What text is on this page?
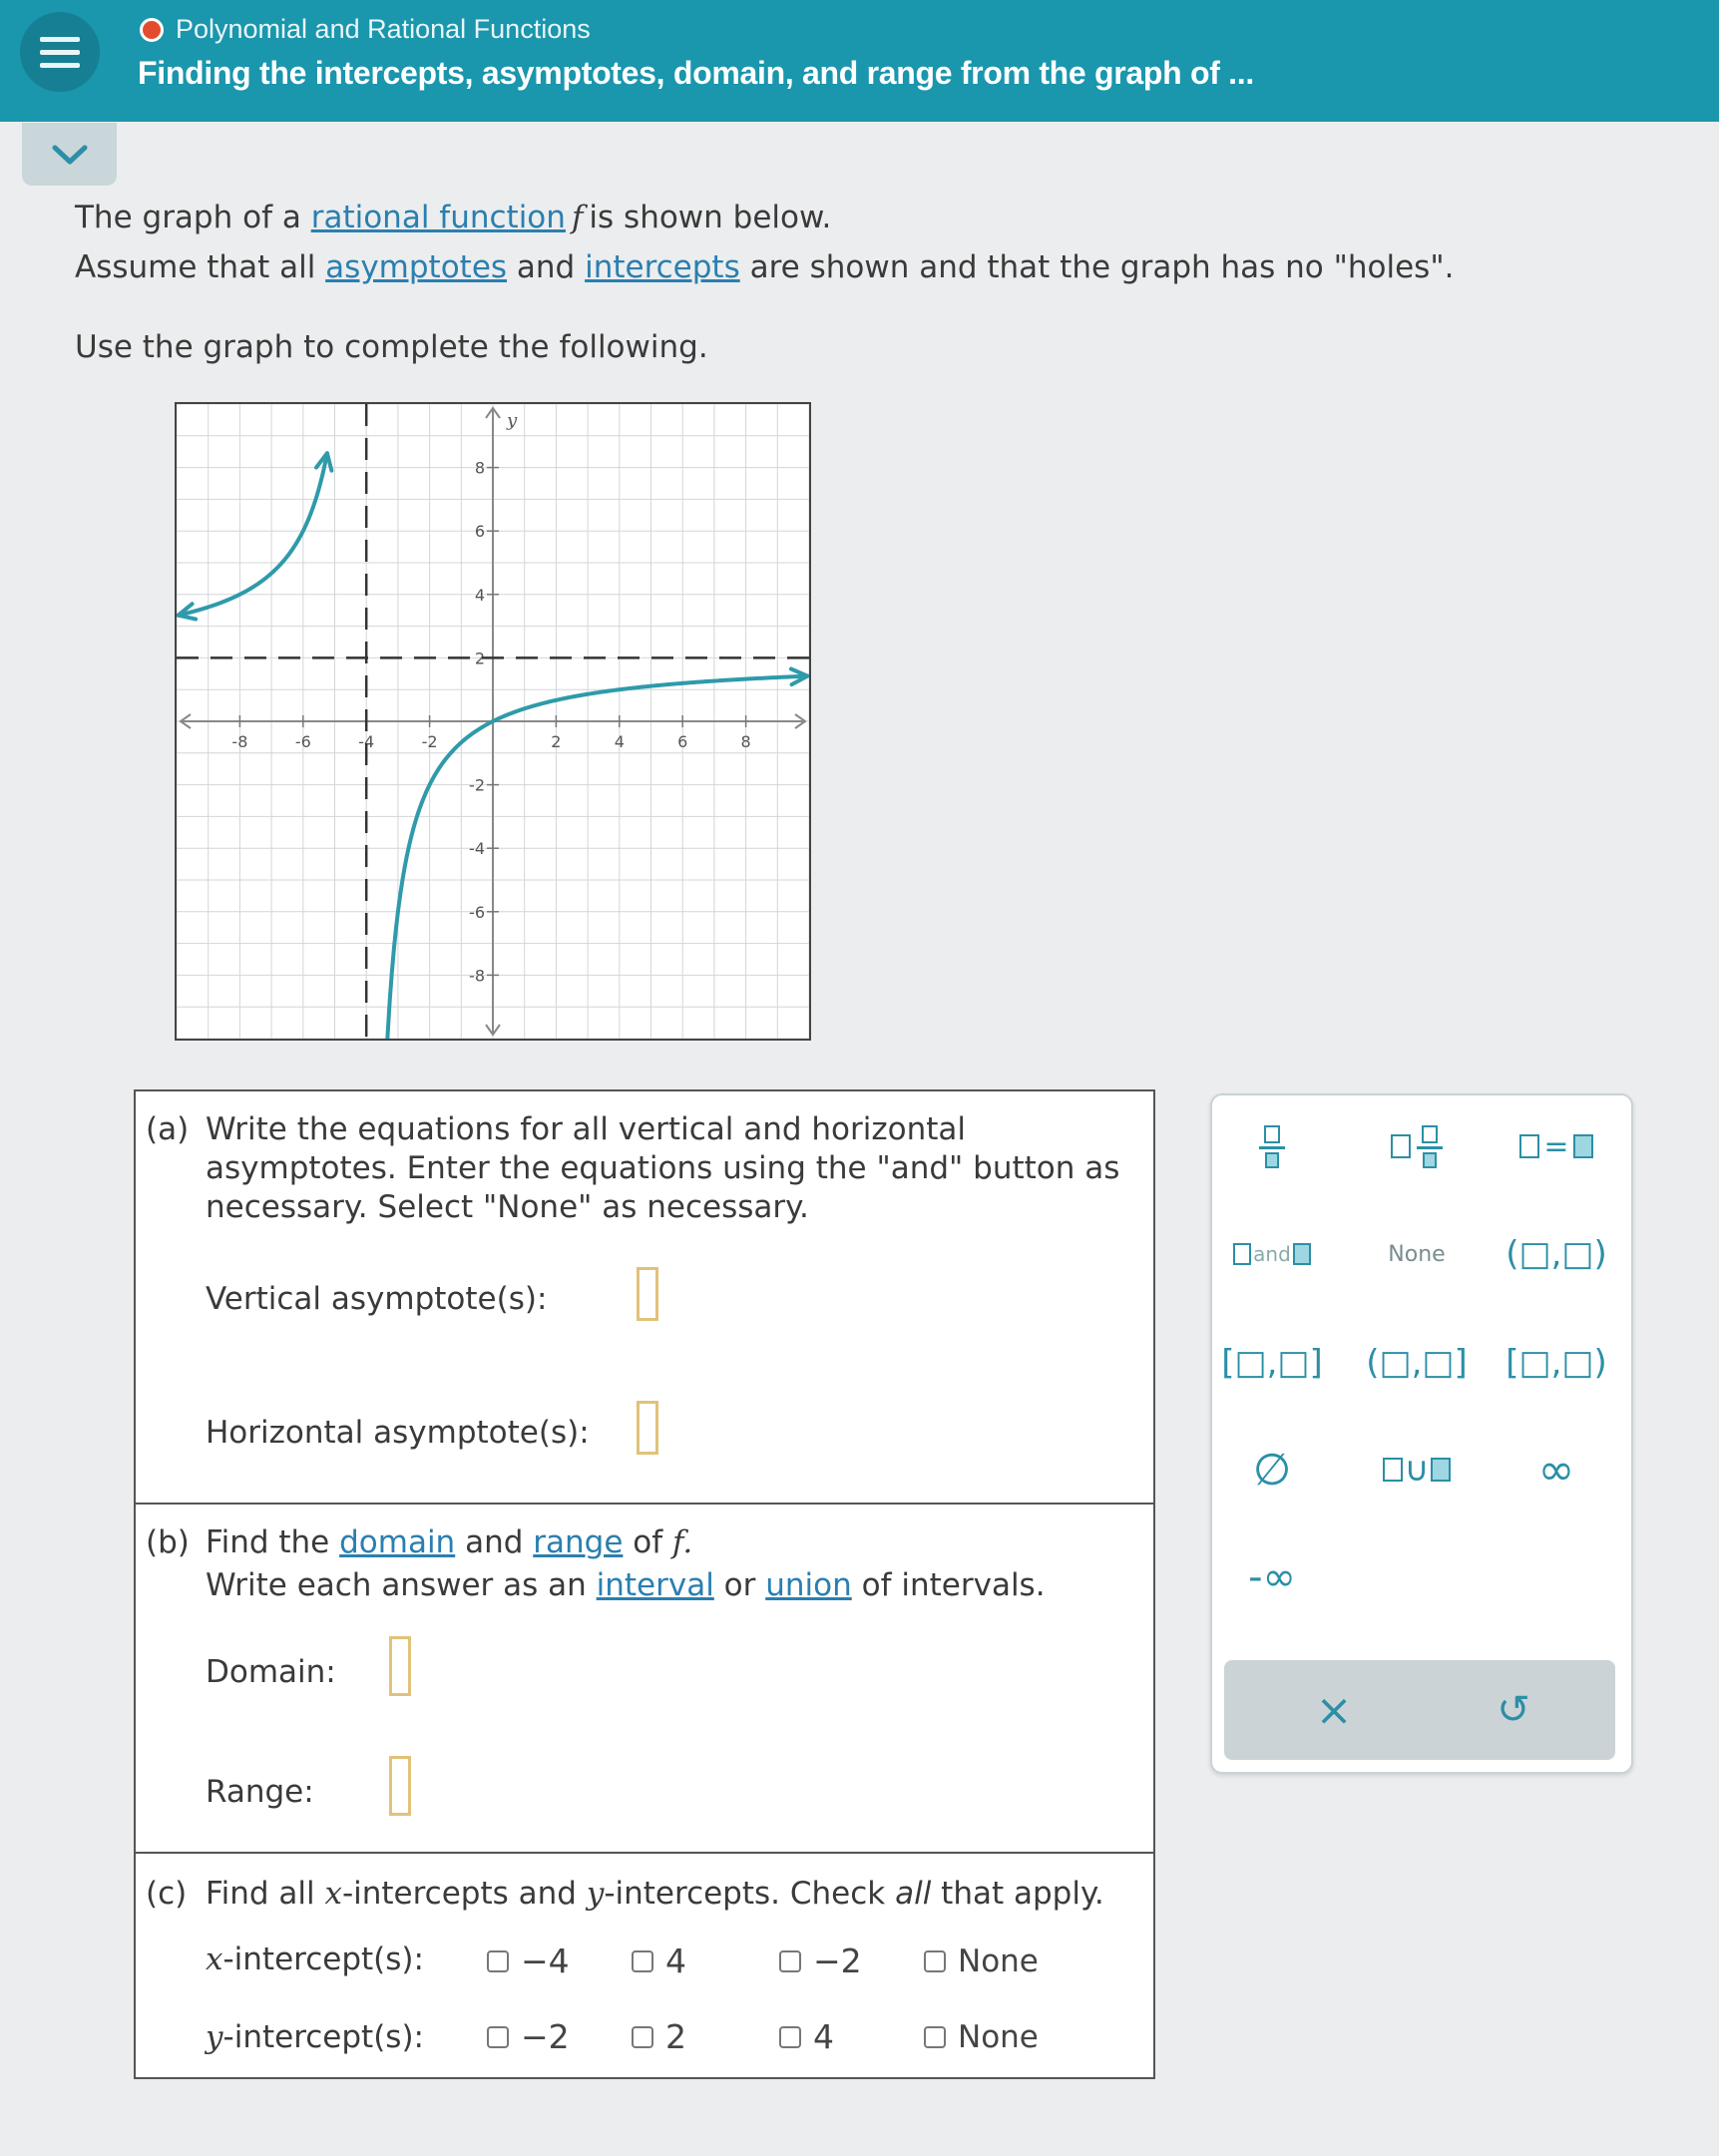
Polynomial and Rational Functions
Finding the intercepts, asymptotes, domain, and range from the graph of ...
The graph of a rational function f is shown below.
Assume that all asymptotes and intercepts are shown and that the graph has no "holes".
Use the graph to complete the following.
-8	-6	-4	-2	2	4	6	8
8
6
4
2
-2
-4
-6
-8
y
(a) Write the equations for all vertical and horizontal
asymptotes. Enter the equations using the "and" button as
necessary. Select "None" as necessary.
Vertical asymptote(s):
Horizontal asymptote(s):
(b) Find the domain and range of f.
Write each answer as an interval or union of intervals.
Domain:
Range:
(c) Find all x-intercepts and y-intercepts. Check all that apply.
x-intercept(s):	−4	4	−2	None
y-intercept(s):	−2	2	4	None
=
and	None	(□,□)
[□,□] (□,□] [□,□)
∅	∪	∞
-∞
×	↺
